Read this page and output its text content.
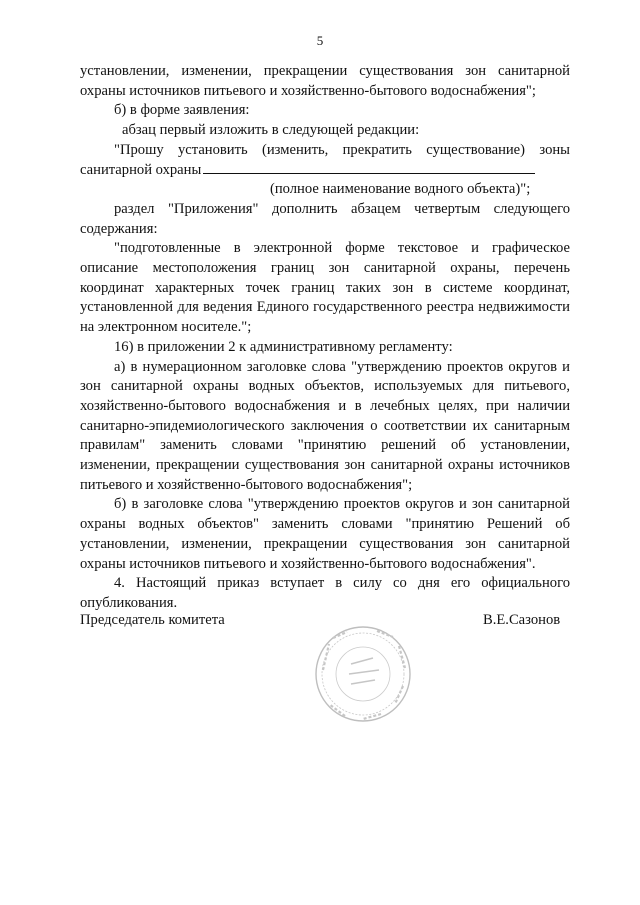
5

установлении, изменении, прекращении существования зон санитарной охраны источников питьевого и хозяйственно-бытового водоснабжения";

б) в форме заявления:

абзац первый изложить в следующей редакции:

"Прошу установить (изменить, прекратить существование) зоны санитарной охраны

(полное наименование водного объекта)";

раздел "Приложения" дополнить абзацем четвертым следующего содержания:

"подготовленные в электронной форме текстовое и графическое описание местоположения границ зон санитарной охраны, перечень координат характерных точек границ таких зон в системе координат, установленной для ведения Единого государственного реестра недвижимости на электронном носителе.";

16) в приложении 2 к административному регламенту:

а) в нумерационном заголовке слова "утверждению проектов округов и зон санитарной охраны водных объектов, используемых для питьевого, хозяйственно-бытового водоснабжения и в лечебных целях, при наличии санитарно-эпидемиологического заключения о соответствии их санитарным правилам" заменить словами "принятию решений об установлении, изменении, прекращении существования зон санитарной охраны источников питьевого и хозяйственно-бытового водоснабжения";

б) в заголовке слова "утверждению проектов округов и зон санитарной охраны водных объектов" заменить словами "принятию Решений об установлении, изменении, прекращении существования зон санитарной охраны источников питьевого и хозяйственно-бытового водоснабжения".

4. Настоящий приказ вступает в силу со дня его официального опубликования.

Председатель комитета	В.Е.Сазонов
